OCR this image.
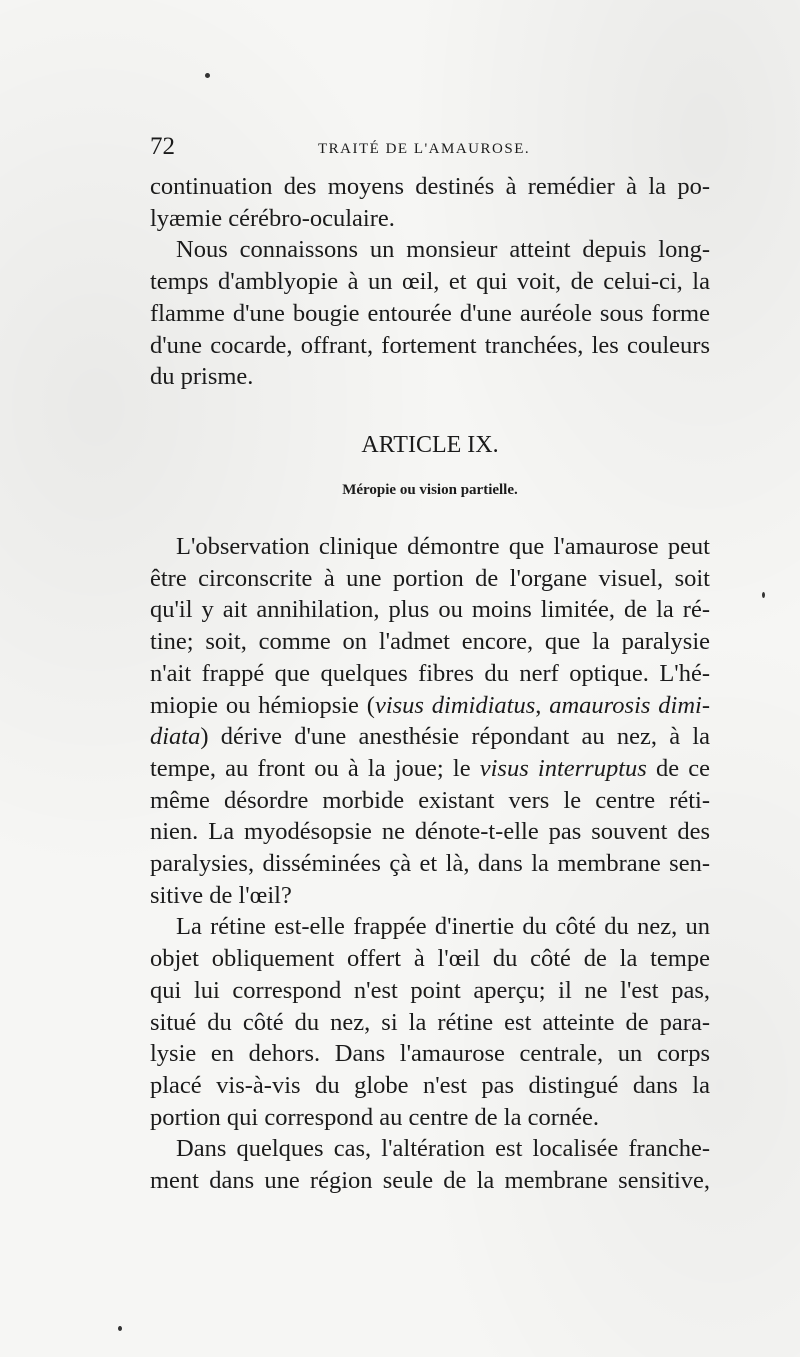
72	TRAITÉ DE L'AMAUROSE.
continuation des moyens destinés à remédier à la po-
lyæmie cérébro-oculaire.
Nous connaissons un monsieur atteint depuis long-
temps d'amblyopie à un œil, et qui voit, de celui-ci, la
flamme d'une bougie entourée d'une auréole sous forme
d'une cocarde, offrant, fortement tranchées, les couleurs
du prisme.
ARTICLE IX.
Méropie ou vision partielle.
L'observation clinique démontre que l'amaurose peut
être circonscrite à une portion de l'organe visuel, soit
qu'il y ait annihilation, plus ou moins limitée, de la ré-
tine; soit, comme on l'admet encore, que la paralysie
n'ait frappé que quelques fibres du nerf optique. L'hé-
miopie ou hémiopsie (visus dimidiatus, amaurosis dimi-
diata) dérive d'une anesthésie répondant au nez, à la
tempe, au front ou à la joue; le visus interruptus de ce
même désordre morbide existant vers le centre réti-
nien. La myodésopsie ne dénote-t-elle pas souvent des
paralysies, disséminées çà et là, dans la membrane sen-
sitive de l'œil?
La rétine est-elle frappée d'inertie du côté du nez, un
objet obliquement offert à l'œil du côté de la tempe
qui lui correspond n'est point aperçu; il ne l'est pas,
situé du côté du nez, si la rétine est atteinte de para-
lysie en dehors. Dans l'amaurose centrale, un corps
placé vis-à-vis du globe n'est pas distingué dans la
portion qui correspond au centre de la cornée.
Dans quelques cas, l'altération est localisée franche-
ment dans une région seule de la membrane sensitive,
